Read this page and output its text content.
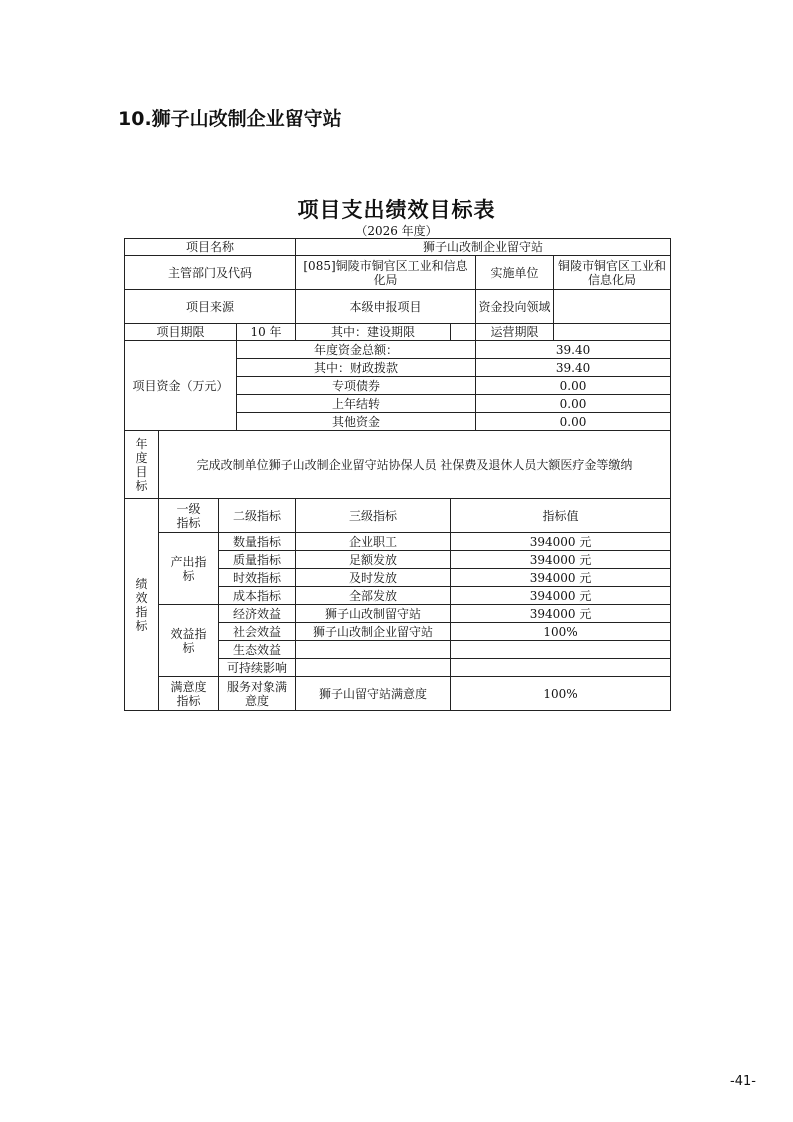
10.狮子山改制企业留守站
项目支出绩效目标表
（2026 年度）
项目名称				狮子山改制企业留守站			
主管部门及代码				[085]铜陵市铜官区工业和信息化局		实施单位	铜陵市铜官区工业和信息化局
项目来源				本级申报项目		资金投向领域	
项目期限			10 年	其中：建设期限		运营期限	
项目资金（万元）			年度资金总额：			39.40	
			其中：财政拨款			39.40	
			专项债券			0.00	
			上年结转			0.00	
			其他资金			0.00	
年度目标	完成改制单位狮子山改制企业留守站协保人员 社保费及退休人员大额医疗金等缴纳						
绩效指标	一级指标	二级指标		三级指标	指标值		
	产出指标	数量指标		企业职工	394000 元		
		质量指标		足额发放	394000 元		
		时效指标		及时发放	394000 元		
		成本指标		全部发放	394000 元		
	效益指标	经济效益		狮子山改制留守站	394000 元		
		社会效益		狮子山改制企业留守站	100%		
		生态效益					
		可持续影响					
	满意度指标	服务对象满意度		狮子山留守站满意度	100%		
-41-
